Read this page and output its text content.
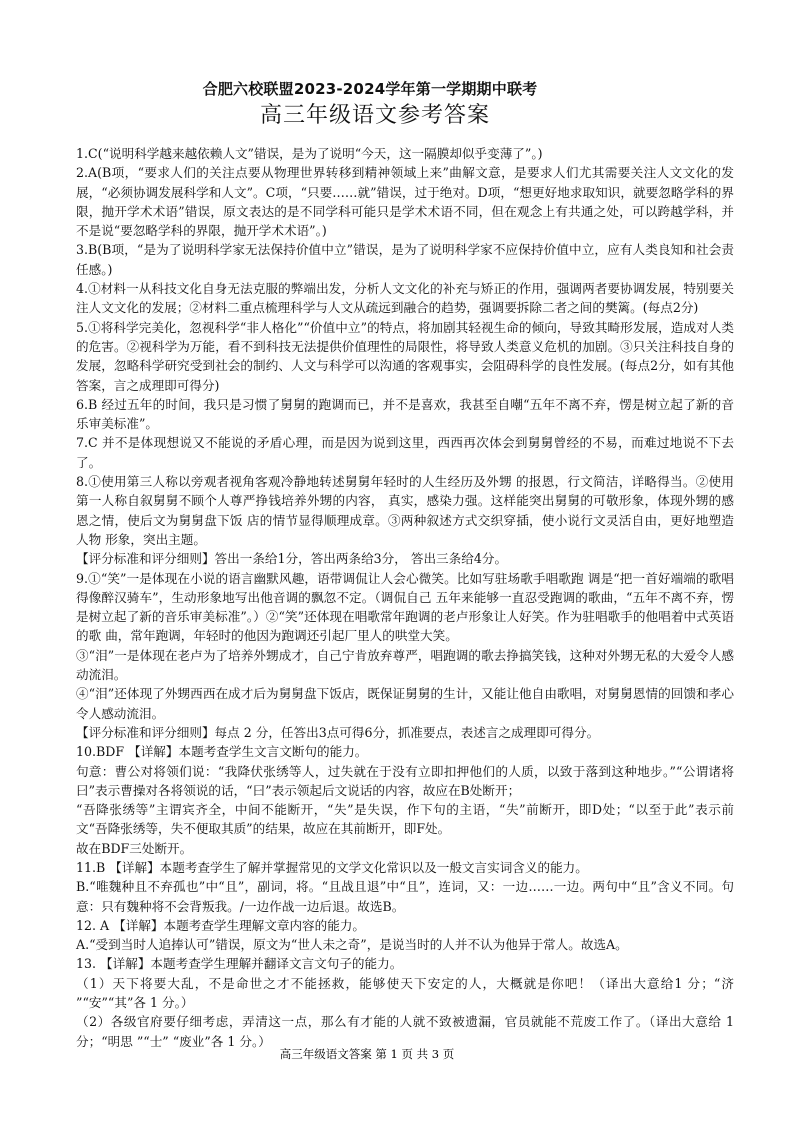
合肥六校联盟2023-2024学年第一学期期中联考
高三年级语文参考答案

1.C(“说明科学越来越依赖人文”错误，是为了说明“今天，这一隔膜却似乎变薄了”。)

2.A(B项，“要求人们的关注点要从物理世界转移到精神领域上来”曲解文意，是要求人们尤其需要关注人文文化的发展，“必须协调发展科学和人文”。C项，“只要……就”错误，过于绝对。D项，“想更好地求取知识，就要忽略学科的界限，抛开学术术语”错误，原文表达的是不同学科可能只是学术术语不同，但在观念上有共通之处，可以跨越学科，并不是说“要忽略学科的界限，抛开学术术语”。)

3.B(B项，“是为了说明科学家无法保持价值中立”错误，是为了说明科学家不应保持价值中立，应有人类良知和社会责任感。)

4.①材料一从科技文化自身无法克服的弊端出发，分析人文文化的补充与矫正的作用，强调两者要协调发展，特别要关注人文文化的发展；②材料二重点梳理科学与人文从疏远到融合的趋势，强调要拆除二者之间的樊篱。(每点2分)

5.①将科学完美化，忽视科学“非人格化”“价值中立”的特点，将加剧其轻视生命的倾向，导致其畸形发展，造成对人类的危害。②视科学为万能，看不到科技无法提供价值理性的局限性，将导致人类意义危机的加剧。③只关注科技自身的发展，忽略科学研究受到社会的制约、人文与科学可以沟通的客观事实，会阻碍科学的良性发展。(每点2分，如有其他答案，言之成理即可得分)

6.B 经过五年的时间，我只是习惯了舅舅的跑调而已，并不是喜欢，我甚至自嘲“五年不离不弃，愣是树立起了新的音乐审美标准”。

7.C 并不是体现想说又不能说的矛盾心理，而是因为说到这里，西西再次体会到舅舅曾经的不易，而难过地说不下去了。

8.①使用第三人称以旁观者视角客观冷静地转述舅舅年轻时的人生经历及外甥 的报恩，行文简洁，详略得当。②使用第一人称自叙舅舅不顾个人尊严挣钱培养外甥的内容， 真实，感染力强。这样能突出舅舅的可敬形象，体现外甥的感恩之情，使后文为舅舅盘下饭 店的情节显得顺理成章。③两种叙述方式交织穿插，使小说行文灵活自由，更好地塑造人物 形象，突出主题。

【评分标准和评分细则】答出一条给1分，答出两条给3分， 答出三条给4分。

9.①“笑”一是体现在小说的语言幽默风趣，语带调侃让人会心微笑。比如写驻场歌手唱歌跑 调是“把一首好端端的歌唱得像醉汉骑车”，生动形象地写出他音调的飘忽不定。（调侃自己 五年来能够一直忍受跑调的歌曲，“五年不离不弃，愣是树立起了新的音乐审美标准”。）②“笑”还体现在唱歌常年跑调的老卢形象让人好笑。作为驻唱歌手的他唱着中式英语的歌 曲，常年跑调，年轻时的他因为跑调还引起厂里人的哄堂大笑。

③“泪”一是体现在老卢为了培养外甥成才，自己宁肯放弃尊严，唱跑调的歌去挣搞笑钱，这种对外甥无私的大爱令人感动流泪。

④“泪”还体现了外甥西西在成才后为舅舅盘下饭店，既保证舅舅的生计，又能让他自由歌唱，对舅舅恩情的回馈和孝心令人感动流泪。

【评分标准和评分细则】每点 2 分，任答出3点可得6分，抓准要点，表述言之成理即可得分。

10.BDF 【详解】本题考查学生文言文断句的能力。

句意：曹公对将领们说：“我降伏张绣等人，过失就在于没有立即扣押他们的人质，以致于落到这种地步。”“公谓诸将曰”表示曹操对各将领说的话，“曰”表示领起后文说话的内容，故应在B处断开；

“吾降张绣等”主谓宾齐全，中间不能断开，“失”是失误，作下句的主语，“失”前断开，即D处；“以至于此”表示前文“吾降张绣等，失不便取其质”的结果，故应在其前断开，即F处。

故在BDF三处断开。

11.B 【详解】本题考查学生了解并掌握常见的文学文化常识以及一般文言实词含义的能力。

B.“唯魏种且不弃孤也”中“且”，副词，将。“且战且退”中“且”，连词，又：一边……一边。两句中“且”含义不同。句意：只有魏种将不会背叛我。/一边作战一边后退。故选B。

12. A 【详解】本题考查学生理解文章内容的能力。

A.“受到当时人追捧认可”错误，原文为“世人未之奇”，是说当时的人并不认为他异于常人。故选A。

13. 【详解】本题考查学生理解并翻译文言文句子的能力。

（1）天下将要大乱，不是命世之才不能拯救，能够使天下安定的人，大概就是你吧！（译出大意给1 分；“济 ”“安”“其”各 1 分。）

（2）各级官府要仔细考虑，弄清这一点，那么有才能的人就不致被遗漏，官员就能不荒废工作了。（译出大意给 1 分；“明思 ”“士” “废业”各 1 分。）

高三年级语文答案 第 1 页 共 3 页
